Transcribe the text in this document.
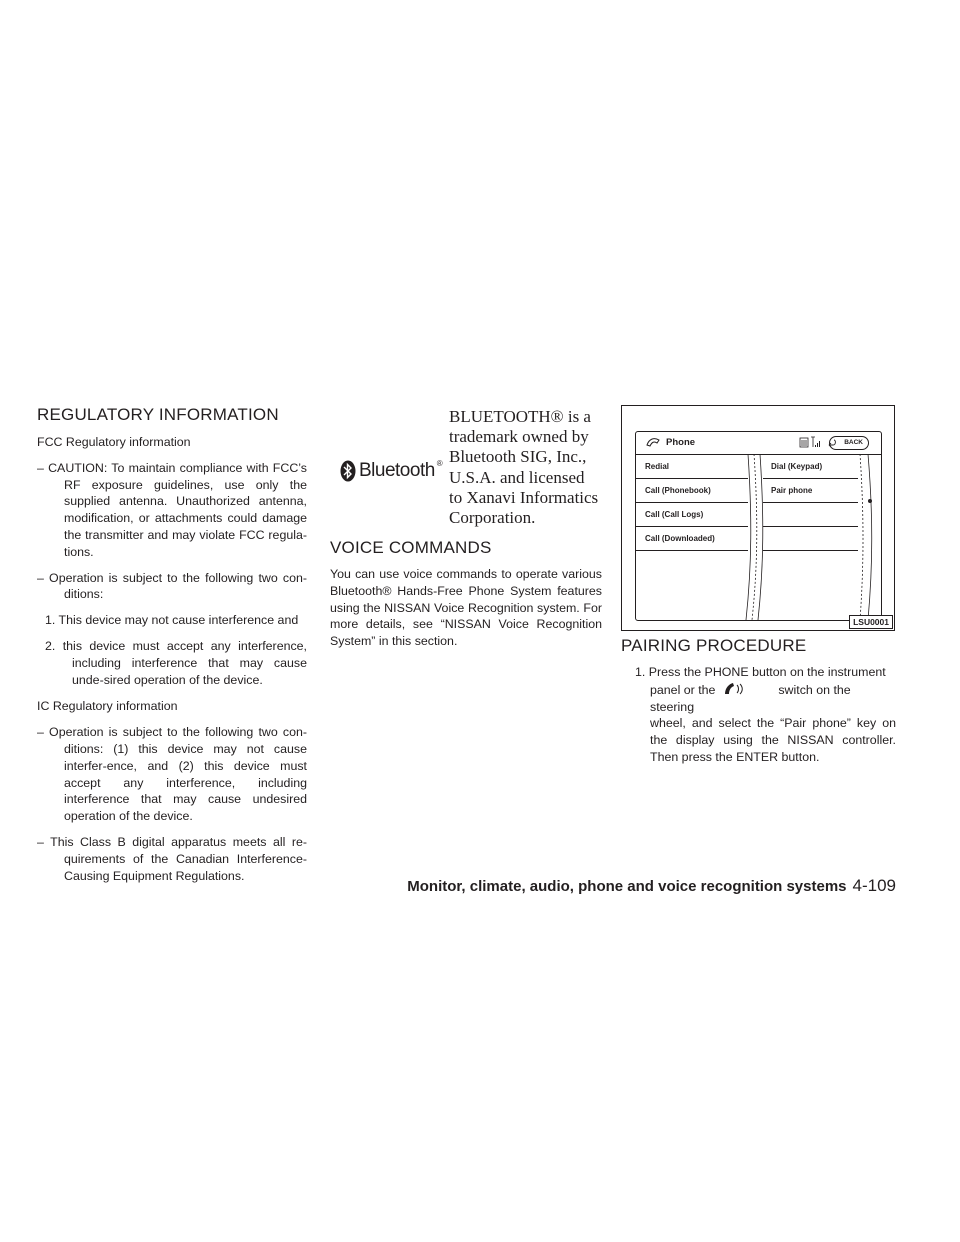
REGULATORY INFORMATION

FCC Regulatory information

– CAUTION: To maintain compliance with FCC’s RF exposure guidelines, use only the supplied antenna. Unauthorized antenna, modification, or attachments could damage the transmitter and may violate FCC regula-tions.

– Operation is subject to the following two con-ditions:

1. This device may not cause interference and

2. this device must accept any interference, including interference that may cause unde-sired operation of the device.

IC Regulatory information

– Operation is subject to the following two con-ditions: (1) this device may not cause interfer-ence, and (2) this device must accept any interference, including interference that may cause undesired operation of the device.

– This Class B digital apparatus meets all re-quirements of the Canadian Interference-Causing Equipment Regulations.

Bluetooth ®
BLUETOOTH® is a
trademark owned by
Bluetooth SIG, Inc.,
U.S.A. and licensed
to Xanavi Informatics
Corporation.
VOICE COMMANDS

You can use voice commands to operate various Bluetooth® Hands-Free Phone System features using the NISSAN Voice Recognition system. For more details, see “NISSAN Voice Recognition System” in this section.

Phone	BACK
Redial
Call (Phonebook)
Call (Call Logs)
Call (Downloaded)
Dial (Keypad)
Pair phone
LSU0001
PAIRING PROCEDURE

1. Press the PHONE button on the instrument

panel or the	switch on the steering

wheel, and select the “Pair phone” key on the display using the NISSAN controller. Then press the ENTER button.

Monitor, climate, audio, phone and voice recognition systems 4-109
